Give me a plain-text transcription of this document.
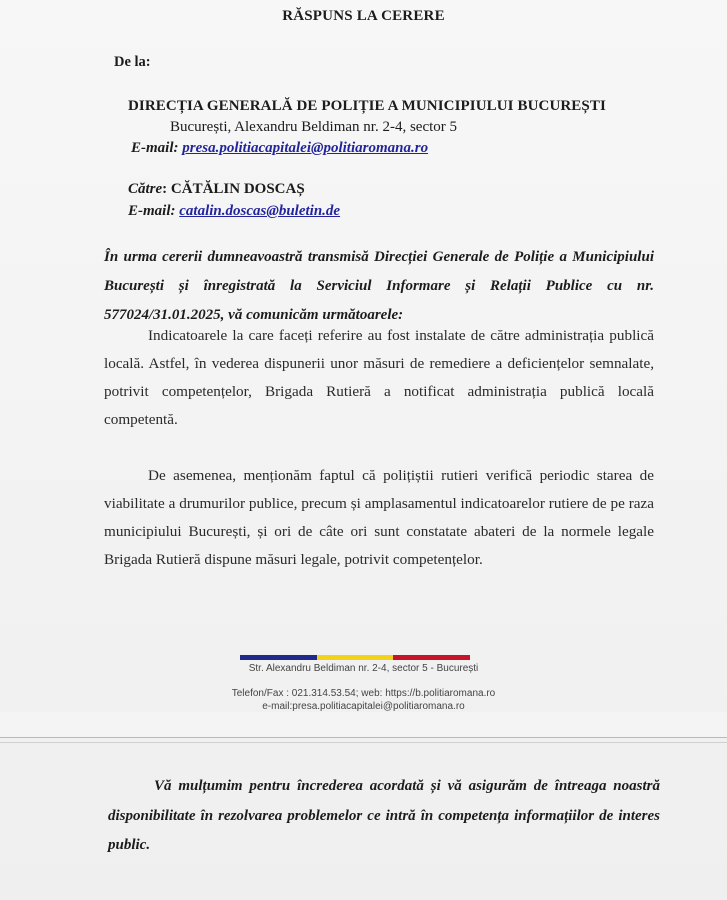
RĂSPUNS LA CERERE
De la:
DIRECȚIA GENERALĂ DE POLIȚIE A MUNICIPIULUI BUCUREȘTI
București, Alexandru Beldiman nr. 2-4, sector 5
E-mail: presa.politiacapitalei@politiaromana.ro
Către: CĂTĂLIN DOSCAȘ
E-mail: catalin.doscas@buletin.de
În urma cererii dumneavoastră transmisă Direcției Generale de Poliție a Municipiului București și înregistrată la Serviciul Informare și Relații Publice cu nr. 577024/31.01.2025, vă comunicăm următoarele:
Indicatoarele la care faceți referire au fost instalate de către administrația publică locală. Astfel, în vederea dispunerii unor măsuri de remediere a deficiențelor semnalate, potrivit competențelor, Brigada Rutieră a notificat administrația publică locală competentă.
De asemenea, menționăm faptul că polițiștii rutieri verifică periodic starea de viabilitate a drumurilor publice, precum și amplasamentul indicatoarelor rutiere de pe raza municipiului București, și ori de câte ori sunt constatate abateri de la normele legale Brigada Rutieră dispune măsuri legale, potrivit competențelor.
Str. Alexandru Beldiman nr. 2-4, sector 5 - București
Telefon/Fax : 021.314.53.54; web: https://b.politiaromana.ro
e-mail:presa.politiacapitalei@politiaromana.ro
Vă mulțumim pentru încrederea acordată și vă asigurăm de întreaga noastră disponibilitate în rezolvarea problemelor ce intră în competența informațiilor de interes public.
